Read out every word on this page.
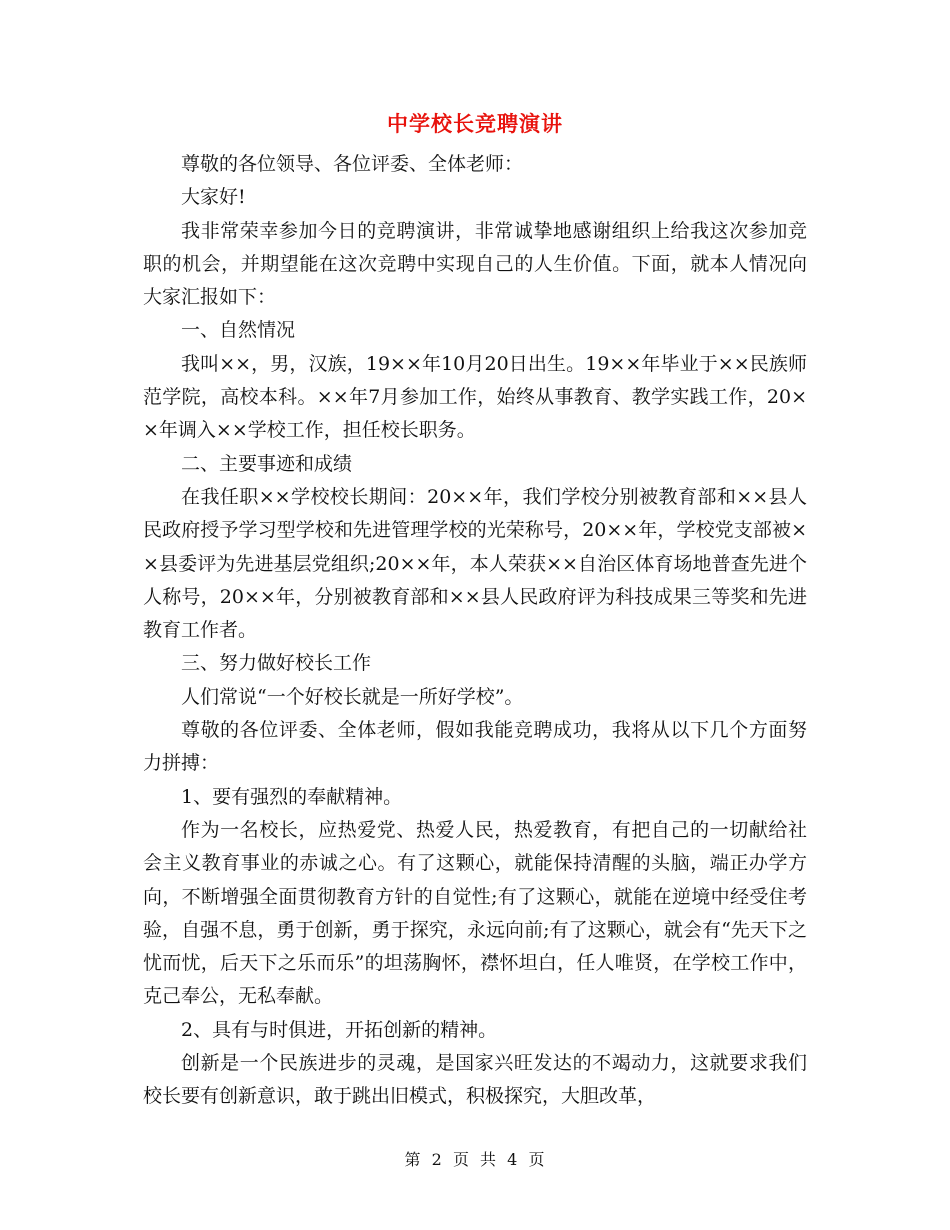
中学校长竞聘演讲

尊敬的各位领导、各位评委、全体老师：

大家好!

我非常荣幸参加今日的竞聘演讲，非常诚挚地感谢组织上给我这次参加竞职的机会，并期望能在这次竞聘中实现自己的人生价值。下面，就本人情况向大家汇报如下：

一、自然情况

我叫××，男，汉族，19××年10月20日出生。19××年毕业于××民族师范学院，高校本科。××年7月参加工作，始终从事教育、教学实践工作，20××年调入××学校工作，担任校长职务。

二、主要事迹和成绩

在我任职××学校校长期间：20××年，我们学校分别被教育部和××县人民政府授予学习型学校和先进管理学校的光荣称号，20××年，学校党支部被××县委评为先进基层党组织;20××年，本人荣获××自治区体育场地普查先进个人称号，20××年，分别被教育部和××县人民政府评为科技成果三等奖和先进教育工作者。

三、努力做好校长工作

人们常说“一个好校长就是一所好学校”。

尊敬的各位评委、全体老师，假如我能竞聘成功，我将从以下几个方面努力拼搏：

1、要有强烈的奉献精神。

作为一名校长，应热爱党、热爱人民，热爱教育，有把自己的一切献给社会主义教育事业的赤诚之心。有了这颗心，就能保持清醒的头脑，端正办学方向，不断增强全面贯彻教育方针的自觉性;有了这颗心，就能在逆境中经受住考验，自强不息，勇于创新，勇于探究，永远向前;有了这颗心，就会有“先天下之忧而忧，后天下之乐而乐”的坦荡胸怀，襟怀坦白，任人唯贤，在学校工作中，克己奉公，无私奉献。

2、具有与时俱进，开拓创新的精神。

创新是一个民族进步的灵魂，是国家兴旺发达的不竭动力，这就要求我们校长要有创新意识，敢于跳出旧模式，积极探究，大胆改革，

第 2 页 共 4 页
